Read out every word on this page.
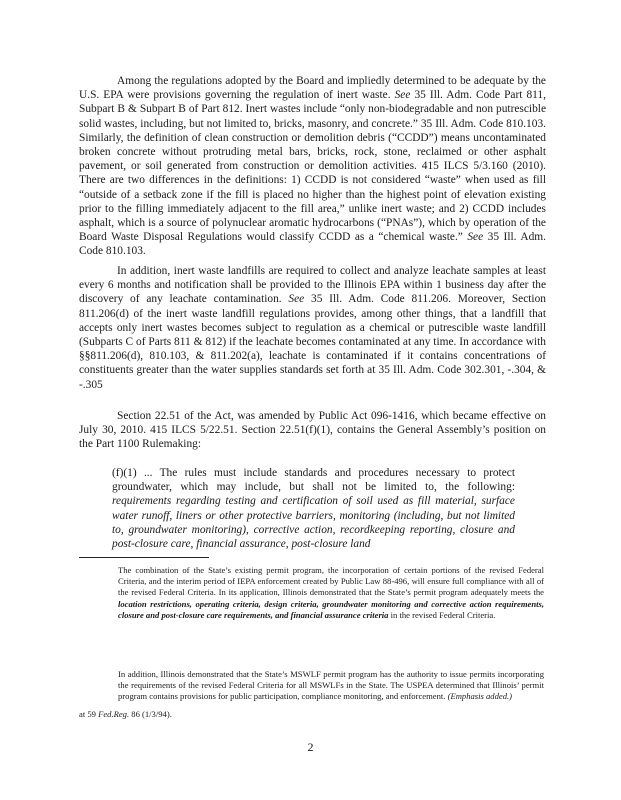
Among the regulations adopted by the Board and impliedly determined to be adequate by the U.S. EPA were provisions governing the regulation of inert waste. See 35 Ill. Adm. Code Part 811, Subpart B & Subpart B of Part 812. Inert wastes include “only non-biodegradable and non putrescible solid wastes, including, but not limited to, bricks, masonry, and concrete.” 35 Ill. Adm. Code 810.103. Similarly, the definition of clean construction or demolition debris (“CCDD”) means uncontaminated broken concrete without protruding metal bars, bricks, rock, stone, reclaimed or other asphalt pavement, or soil generated from construction or demolition activities. 415 ILCS 5/3.160 (2010). There are two differences in the definitions: 1) CCDD is not considered “waste” when used as fill “outside of a setback zone if the fill is placed no higher than the highest point of elevation existing prior to the filling immediately adjacent to the fill area,” unlike inert waste; and 2) CCDD includes asphalt, which is a source of polynuclear aromatic hydrocarbons (“PNAs”), which by operation of the Board Waste Disposal Regulations would classify CCDD as a “chemical waste.” See 35 Ill. Adm. Code 810.103.

In addition, inert waste landfills are required to collect and analyze leachate samples at least every 6 months and notification shall be provided to the Illinois EPA within 1 business day after the discovery of any leachate contamination. See 35 Ill. Adm. Code 811.206. Moreover, Section 811.206(d) of the inert waste landfill regulations provides, among other things, that a landfill that accepts only inert wastes becomes subject to regulation as a chemical or putrescible waste landfill (Subparts C of Parts 811 & 812) if the leachate becomes contaminated at any time. In accordance with §§811.206(d), 810.103, & 811.202(a), leachate is contaminated if it contains concentrations of constituents greater than the water supplies standards set forth at 35 Ill. Adm. Code 302.301, -.304, & -.305

Section 22.51 of the Act, was amended by Public Act 096-1416, which became effective on July 30, 2010. 415 ILCS 5/22.51. Section 22.51(f)(1), contains the General Assembly’s position on the Part 1100 Rulemaking:

(f)(1) ... The rules must include standards and procedures necessary to protect groundwater, which may include, but shall not be limited to, the following: requirements regarding testing and certification of soil used as fill material, surface water runoff, liners or other protective barriers, monitoring (including, but not limited to, groundwater monitoring), corrective action, recordkeeping reporting, closure and post-closure care, financial assurance, post-closure land

The combination of the State’s existing permit program, the incorporation of certain portions of the revised Federal Criteria, and the interim period of IEPA enforcement created by Public Law 88-496, will ensure full compliance with all of the revised Federal Criteria. In its application, Illinois demonstrated that the State’s permit program adequately meets the location restrictions, operating criteria, design criteria, groundwater monitoring and corrective action requirements, closure and post-closure care requirements, and financial assurance criteria in the revised Federal Criteria.

In addition, Illinois demonstrated that the State’s MSWLF permit program has the authority to issue permits incorporating the requirements of the revised Federal Criteria for all MSWLFs in the State. The USPEA determined that Illinois’ permit program contains provisions for public participation, compliance monitoring, and enforcement. (Emphasis added.)

at 59 Fed.Reg. 86 (1/3/94).
2
